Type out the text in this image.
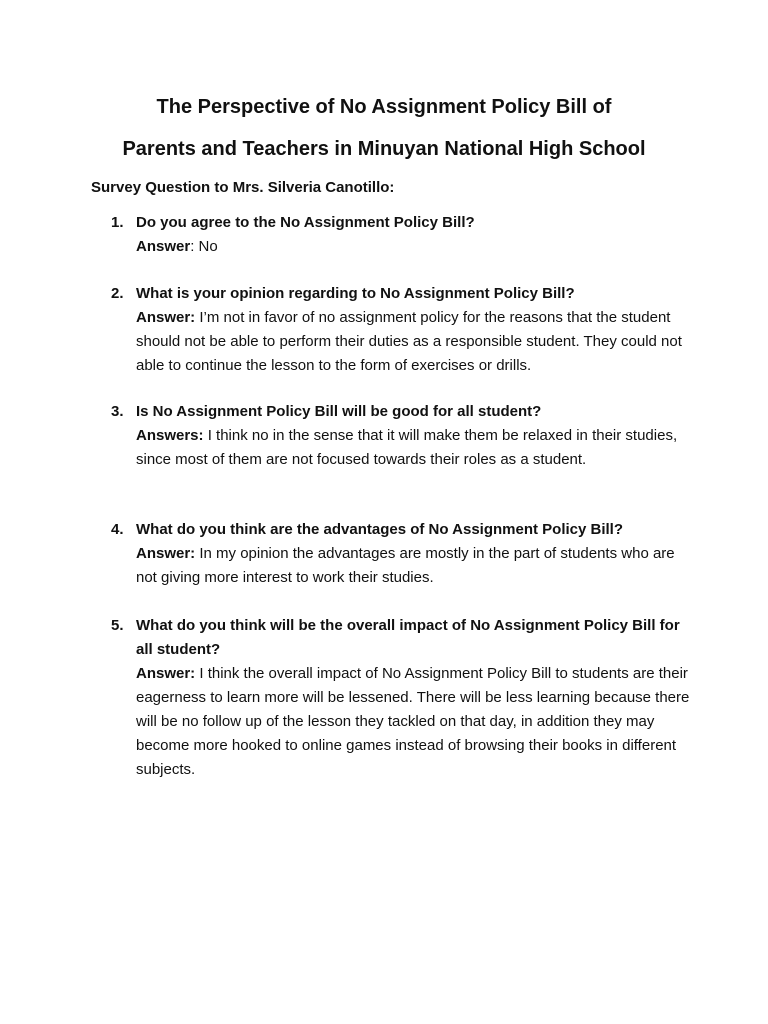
The Perspective of No Assignment Policy Bill of
Parents and Teachers in Minuyan National High School
Survey Question to Mrs. Silveria Canotillo:
1. Do you agree to the No Assignment Policy Bill?
Answer: No
2. What is your opinion regarding to No Assignment Policy Bill?
Answer: I’m not in favor of no assignment policy for the reasons that the student should not be able to perform their duties as a responsible student. They could not able to continue the lesson to the form of exercises or drills.
3. Is No Assignment Policy Bill will be good for all student?
Answers: I think no in the sense that it will make them be relaxed in their studies, since most of them are not focused towards their roles as a student.
4. What do you think are the advantages of No Assignment Policy Bill?
Answer: In my opinion the advantages are mostly in the part of students who are not giving more interest to work their studies.
5. What do you think will be the overall impact of No Assignment Policy Bill for all student?
Answer: I think the overall impact of No Assignment Policy Bill to students are their eagerness to learn more will be lessened. There will be less learning because there will be no follow up of the lesson they tackled on that day, in addition they may become more hooked to online games instead of browsing their books in different subjects.
